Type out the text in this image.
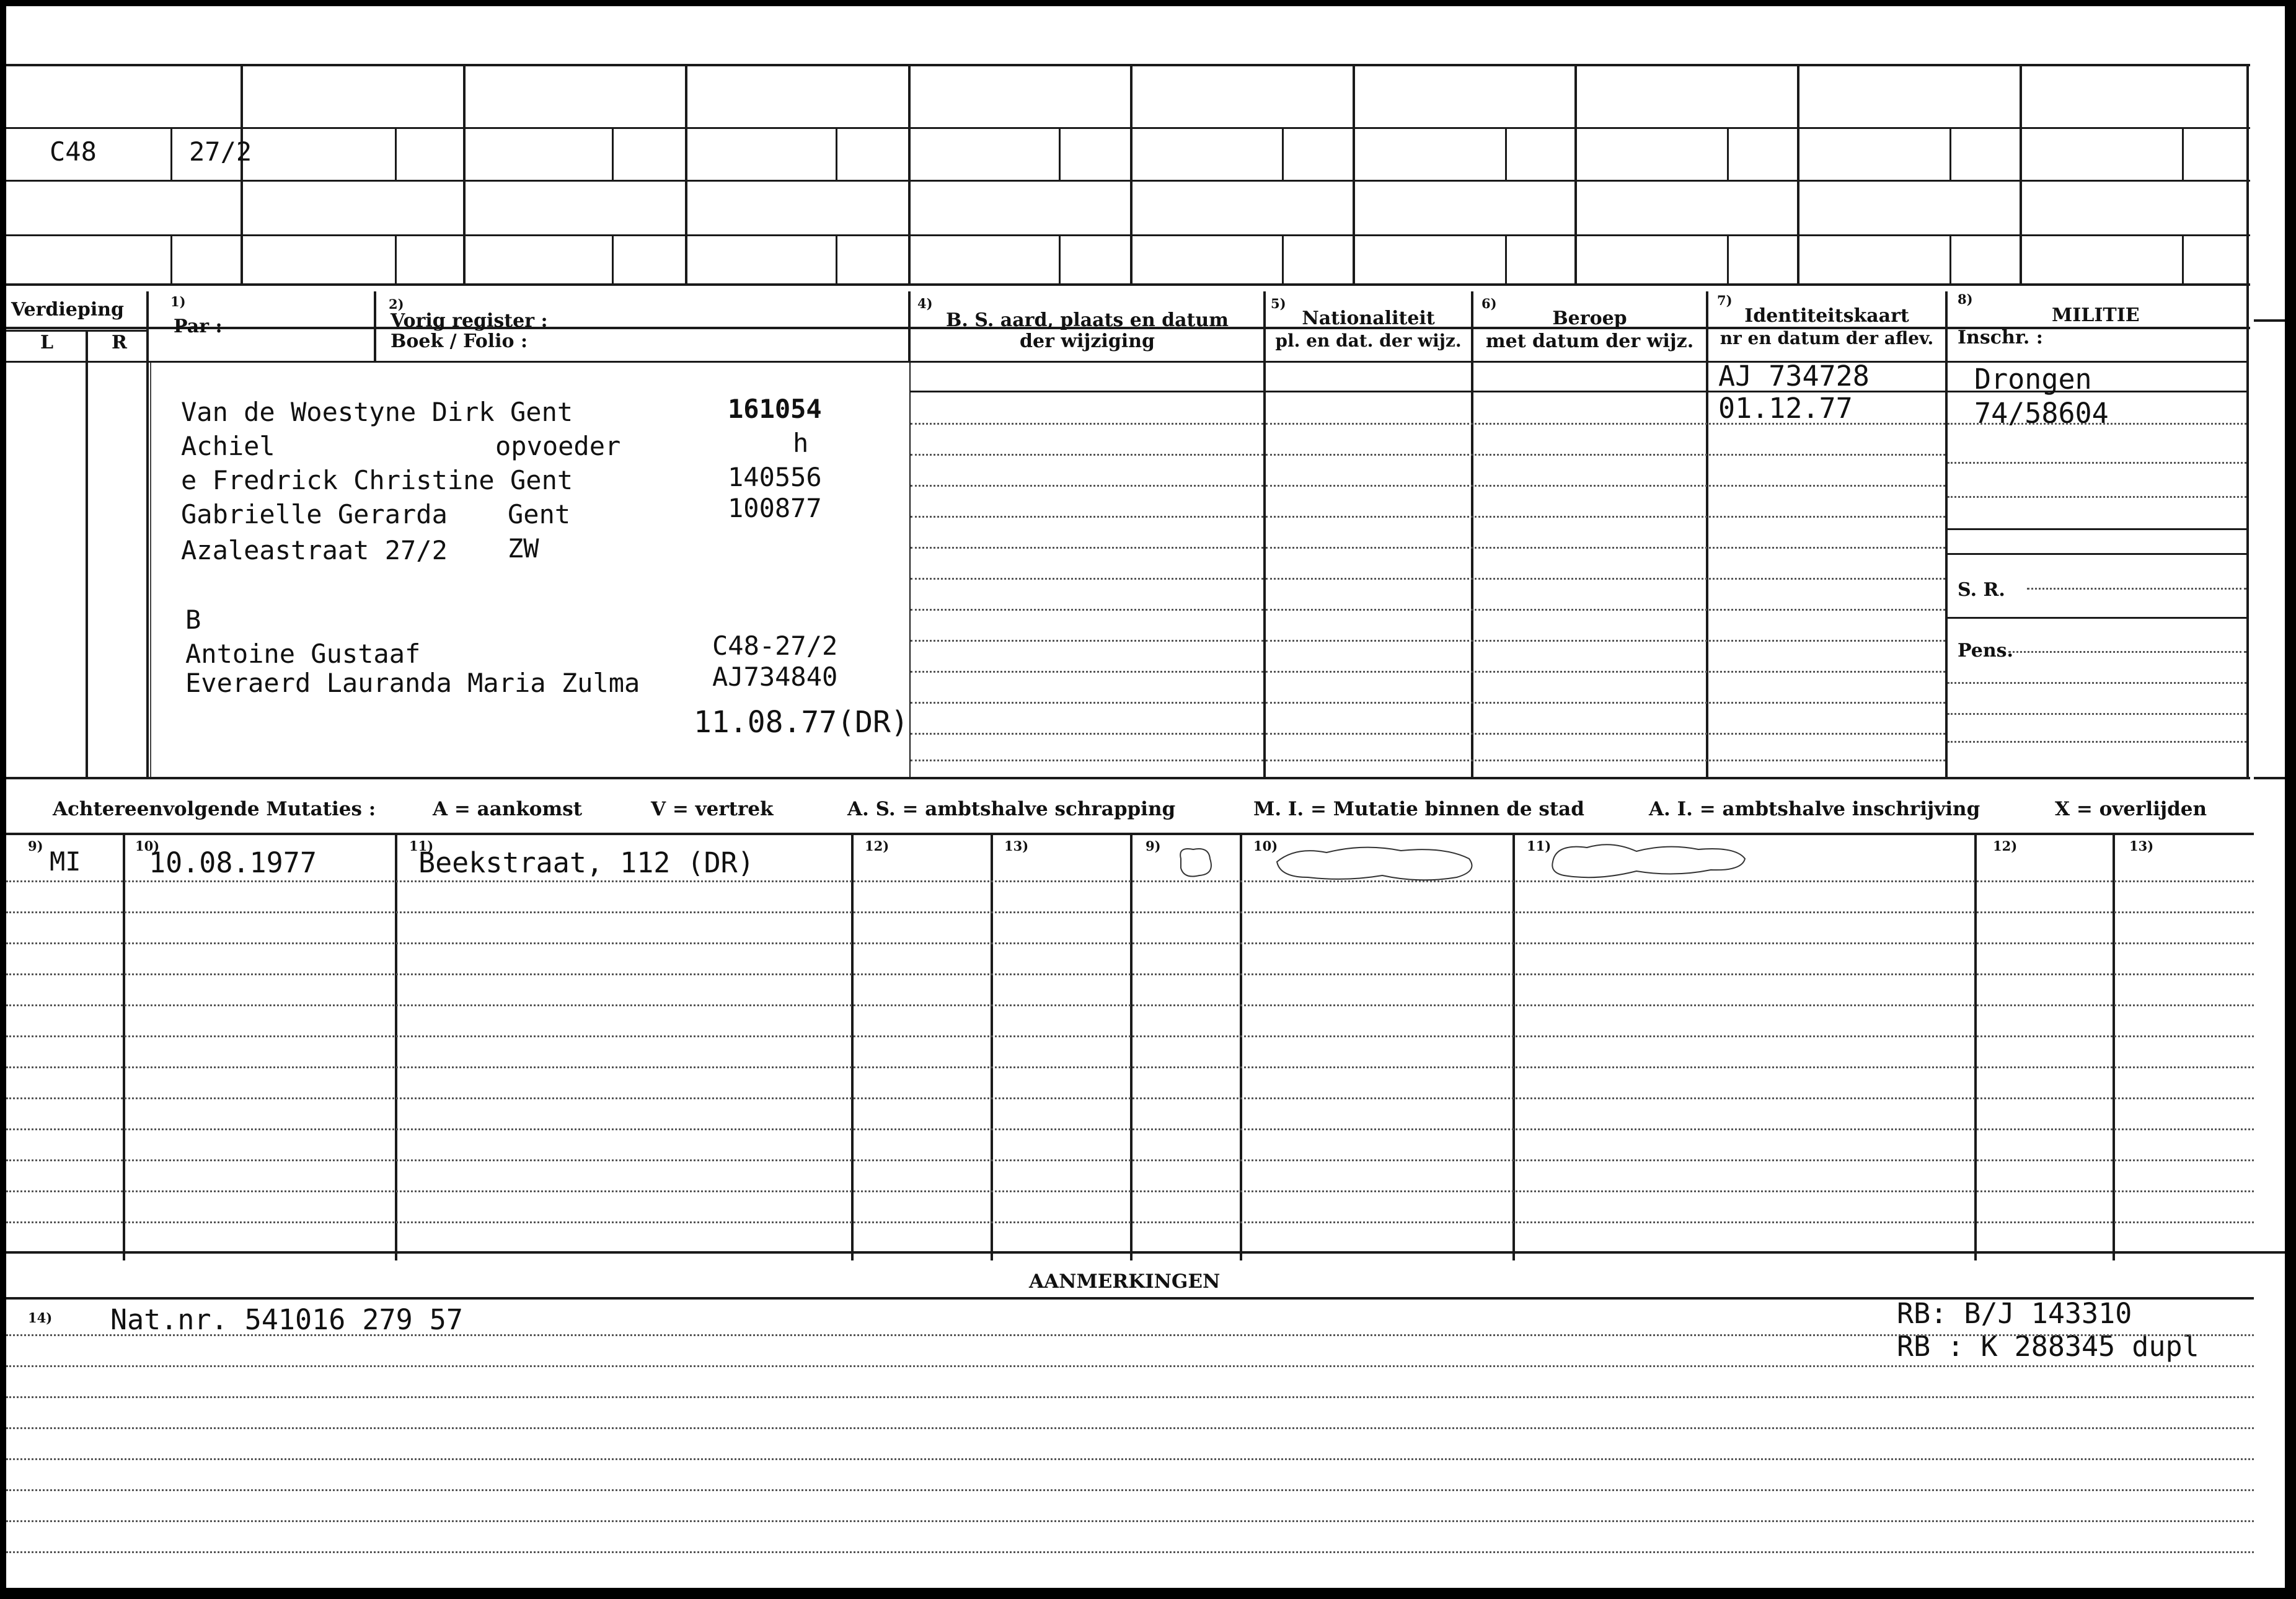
C48	27/2
Verdieping
L	R
1)
Par :
2)
Vorig register :
Boek / Folio :
4)
B. S. aard, plaats en datum
der wijziging
5)
Nationaliteit
pl. en dat. der wijz.
6)
Beroep
met datum der wijz.
7)
Identiteitskaart
nr en datum der aflev.
8)
MILITIE
Inschr. :
S. R.
Pens.
Van de Woestyne Dirk Gent	161054
Achiel	opvoeder	h
e Fredrick Christine Gent	140556
Gabrielle Gerarda Gent	100877
Azaleastraat 27/2 ZW
B
Antoine Gustaaf	C48-27/2
Everaerd Lauranda Maria Zulma	AJ734840
11.08.77(DR)
AJ 734728
01.12.77
Drongen
74/58604
Achtereenvolgende Mutaties :	A = aankomst	V = vertrek	A. S. = ambtshalve schrapping	M. I. = Mutatie binnen de stad	A. I. = ambtshalve inschrijving	X = overlijden
9)	10)	11)	12)	13)	9)	10)	11)	12)	13)
MI 10.08.1977	Beekstraat, 112 (DR)
AANMERKINGEN
14) Nat.nr. 541016 279 57	RB: B/J 143310
RB : K 288345 dupl
